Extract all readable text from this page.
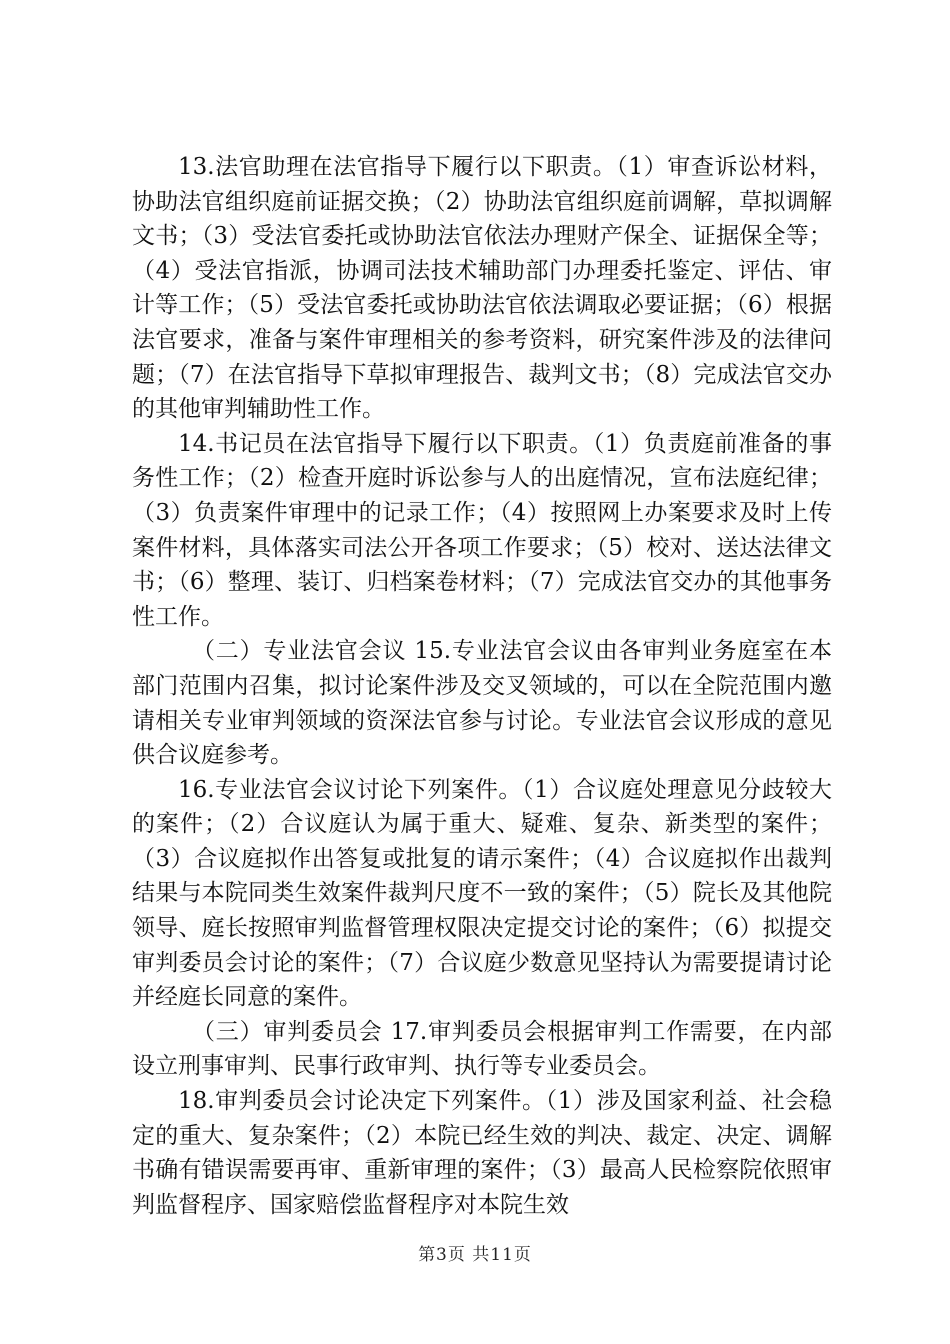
13.法官助理在法官指导下履行以下职责。（1）审查诉讼材料，协助法官组织庭前证据交换；（2）协助法官组织庭前调解，草拟调解文书；（3）受法官委托或协助法官依法办理财产保全、证据保全等；（4）受法官指派，协调司法技术辅助部门办理委托鉴定、评估、审计等工作；（5）受法官委托或协助法官依法调取必要证据；（6）根据法官要求，准备与案件审理相关的参考资料，研究案件涉及的法律问题；（7）在法官指导下草拟审理报告、裁判文书；（8）完成法官交办的其他审判辅助性工作。

14.书记员在法官指导下履行以下职责。（1）负责庭前准备的事务性工作；（2）检查开庭时诉讼参与人的出庭情况，宣布法庭纪律；（3）负责案件审理中的记录工作；（4）按照网上办案要求及时上传案件材料，具体落实司法公开各项工作要求；（5）校对、送达法律文书；（6）整理、装订、归档案卷材料；（7）完成法官交办的其他事务性工作。

（二）专业法官会议 15.专业法官会议由各审判业务庭室在本部门范围内召集，拟讨论案件涉及交叉领域的，可以在全院范围内邀请相关专业审判领域的资深法官参与讨论。专业法官会议形成的意见供合议庭参考。

16.专业法官会议讨论下列案件。（1）合议庭处理意见分歧较大的案件；（2）合议庭认为属于重大、疑难、复杂、新类型的案件；（3）合议庭拟作出答复或批复的请示案件；（4）合议庭拟作出裁判结果与本院同类生效案件裁判尺度不一致的案件；（5）院长及其他院领导、庭长按照审判监督管理权限决定提交讨论的案件；（6）拟提交审判委员会讨论的案件；（7）合议庭少数意见坚持认为需要提请讨论并经庭长同意的案件。

（三）审判委员会 17.审判委员会根据审判工作需要，在内部设立刑事审判、民事行政审判、执行等专业委员会。

18.审判委员会讨论决定下列案件。（1）涉及国家利益、社会稳定的重大、复杂案件；（2）本院已经生效的判决、裁定、决定、调解书确有错误需要再审、重新审理的案件；（3）最高人民检察院依照审判监督程序、国家赔偿监督程序对本院生效

第3页 共11页
